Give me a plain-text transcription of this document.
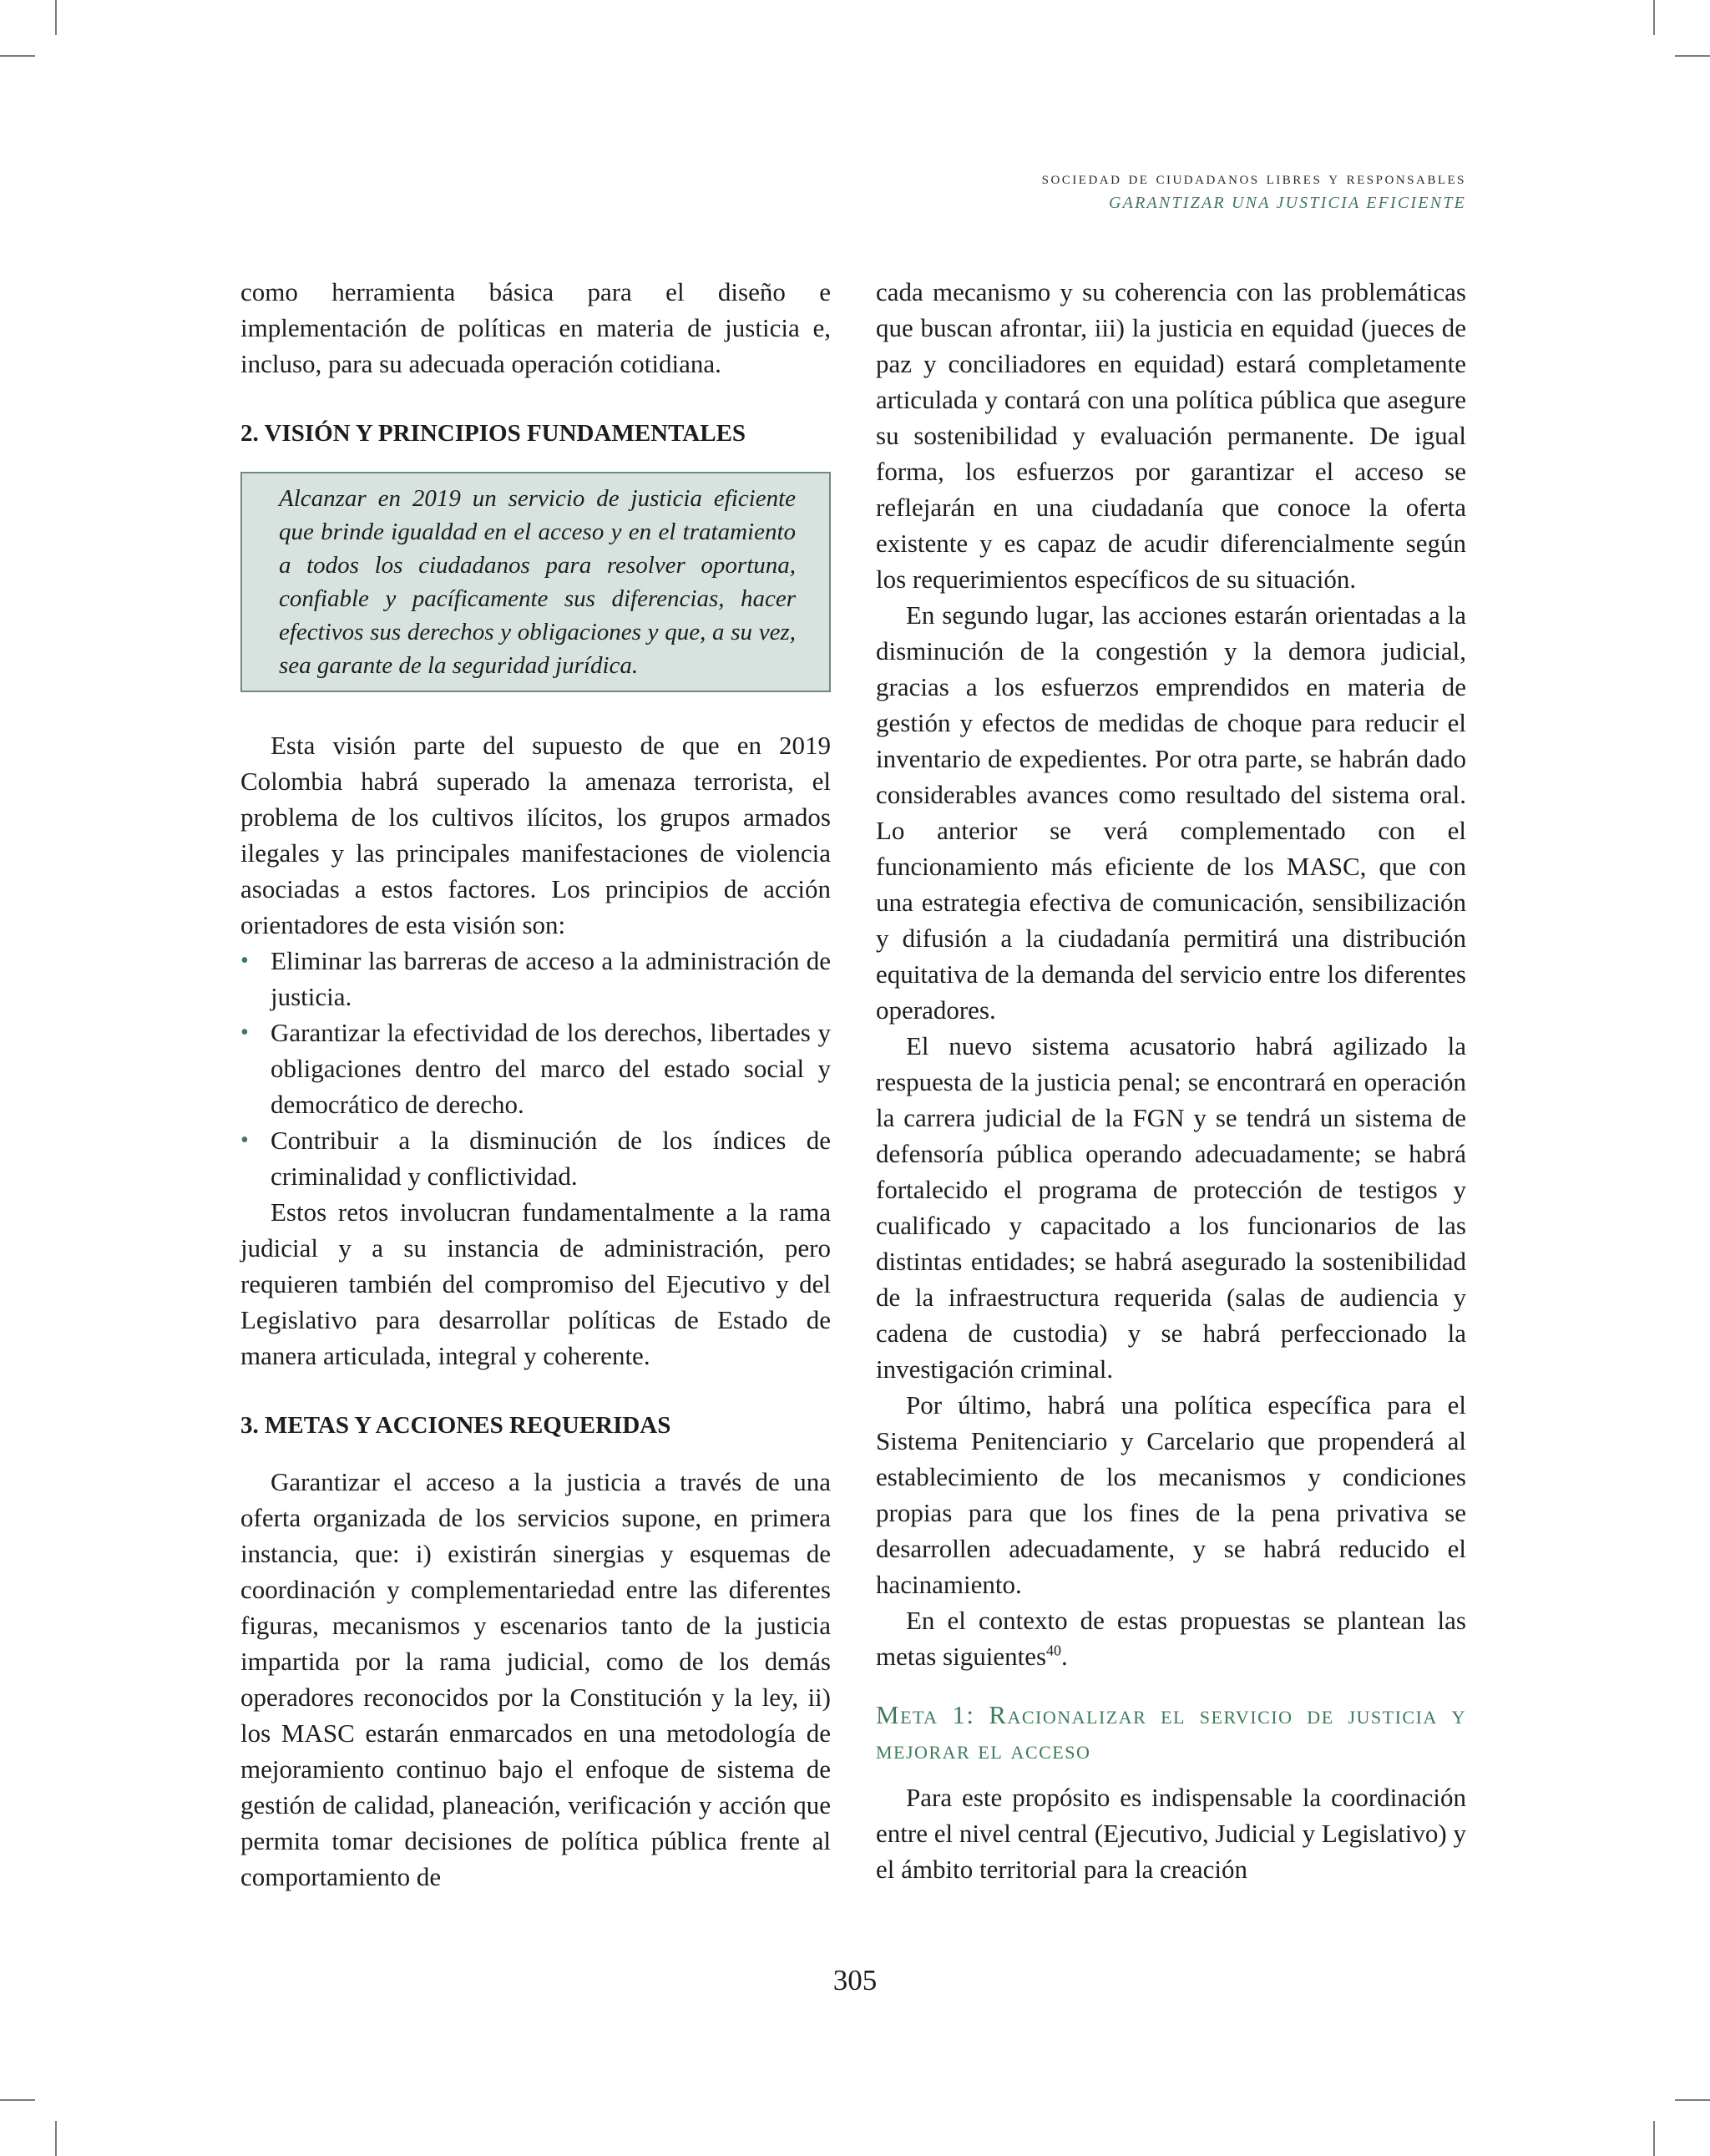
sociedad de ciudadanos libres y responsables
GARANTIZAR UNA JUSTICIA EFICIENTE

como herramienta básica para el diseño e implementación de políticas en materia de justicia e, incluso, para su adecuada operación cotidiana.

2. VISIÓN Y PRINCIPIOS FUNDAMENTALES
Alcanzar en 2019 un servicio de justicia eficiente que brinde igualdad en el acceso y en el tratamiento a todos los ciudadanos para resolver oportuna, confiable y pacíficamente sus diferencias, hacer efectivos sus derechos y obligaciones y que, a su vez, sea garante de la seguridad jurídica.

Esta visión parte del supuesto de que en 2019 Colombia habrá superado la amenaza terrorista, el problema de los cultivos ilícitos, los grupos armados ilegales y las principales manifestaciones de violencia asociadas a estos factores. Los principios de acción orientadores de esta visión son:

• Eliminar las barreras de acceso a la administración de justicia.
• Garantizar la efectividad de los derechos, libertades y obligaciones dentro del marco del estado social y democrático de derecho.
• Contribuir a la disminución de los índices de criminalidad y conflictividad.

Estos retos involucran fundamentalmente a la rama judicial y a su instancia de administración, pero requieren también del compromiso del Ejecutivo y del Legislativo para desarrollar políticas de Estado de manera articulada, integral y coherente.

3. METAS Y ACCIONES REQUERIDAS

Garantizar el acceso a la justicia a través de una oferta organizada de los servicios supone, en primera instancia, que: i) existirán sinergias y esquemas de coordinación y complementariedad entre las diferentes figuras, mecanismos y escenarios tanto de la justicia impartida por la rama judicial, como de los demás operadores reconocidos por la Constitución y la ley, ii) los MASC estarán enmarcados en una metodología de mejoramiento continuo bajo el enfoque de sistema de gestión de calidad, planeación, verificación y acción que permita tomar decisiones de política pública frente al comportamiento de

cada mecanismo y su coherencia con las problemáticas que buscan afrontar, iii) la justicia en equidad (jueces de paz y conciliadores en equidad) estará completamente articulada y contará con una política pública que asegure su sostenibilidad y evaluación permanente. De igual forma, los esfuerzos por garantizar el acceso se reflejarán en una ciudadanía que conoce la oferta existente y es capaz de acudir diferencialmente según los requerimientos específicos de su situación.

En segundo lugar, las acciones estarán orientadas a la disminución de la congestión y la demora judicial, gracias a los esfuerzos emprendidos en materia de gestión y efectos de medidas de choque para reducir el inventario de expedientes. Por otra parte, se habrán dado considerables avances como resultado del sistema oral. Lo anterior se verá complementado con el funcionamiento más eficiente de los MASC, que con una estrategia efectiva de comunicación, sensibilización y difusión a la ciudadanía permitirá una distribución equitativa de la demanda del servicio entre los diferentes operadores.

El nuevo sistema acusatorio habrá agilizado la respuesta de la justicia penal; se encontrará en operación la carrera judicial de la FGN y se tendrá un sistema de defensoría pública operando adecuadamente; se habrá fortalecido el programa de protección de testigos y cualificado y capacitado a los funcionarios de las distintas entidades; se habrá asegurado la sostenibilidad de la infraestructura requerida (salas de audiencia y cadena de custodia) y se habrá perfeccionado la investigación criminal.

Por último, habrá una política específica para el Sistema Penitenciario y Carcelario que propenderá al establecimiento de los mecanismos y condiciones propias para que los fines de la pena privativa se desarrollen adecuadamente, y se habrá reducido el hacinamiento.

En el contexto de estas propuestas se plantean las metas siguientes$^{40}$.

Meta 1: Racionalizar el servicio de justicia y mejorar el acceso

Para este propósito es indispensable la coordinación entre el nivel central (Ejecutivo, Judicial y Legislativo) y el ámbito territorial para la creación

305
